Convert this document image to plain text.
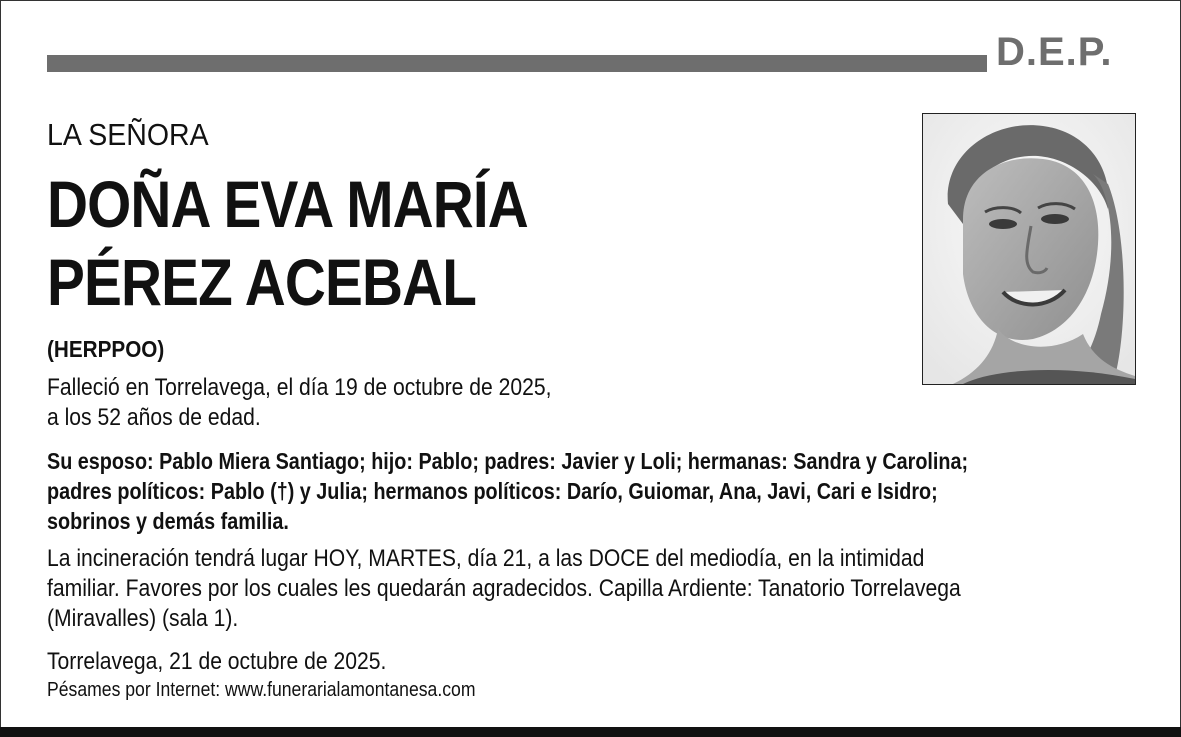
D.E.P.
LA SEÑORA
DOÑA EVA MARÍA
PÉREZ ACEBAL
(HERPPOO)
Falleció en Torrelavega, el día 19 de octubre de 2025,
a los 52 años de edad.
Su esposo: Pablo Miera Santiago; hijo: Pablo; padres: Javier y Loli; hermanas: Sandra y Carolina;
padres políticos: Pablo (†) y Julia; hermanos políticos: Darío, Guiomar, Ana, Javi, Cari e Isidro;
sobrinos y demás familia.
La incineración tendrá lugar HOY, MARTES, día 21, a las DOCE del mediodía, en la intimidad
familiar. Favores por los cuales les quedarán agradecidos. Capilla Ardiente: Tanatorio Torrelavega
(Miravalles) (sala 1).
Torrelavega, 21 de octubre de 2025.
Pésames por Internet: www.funerarialamontanesa.com
